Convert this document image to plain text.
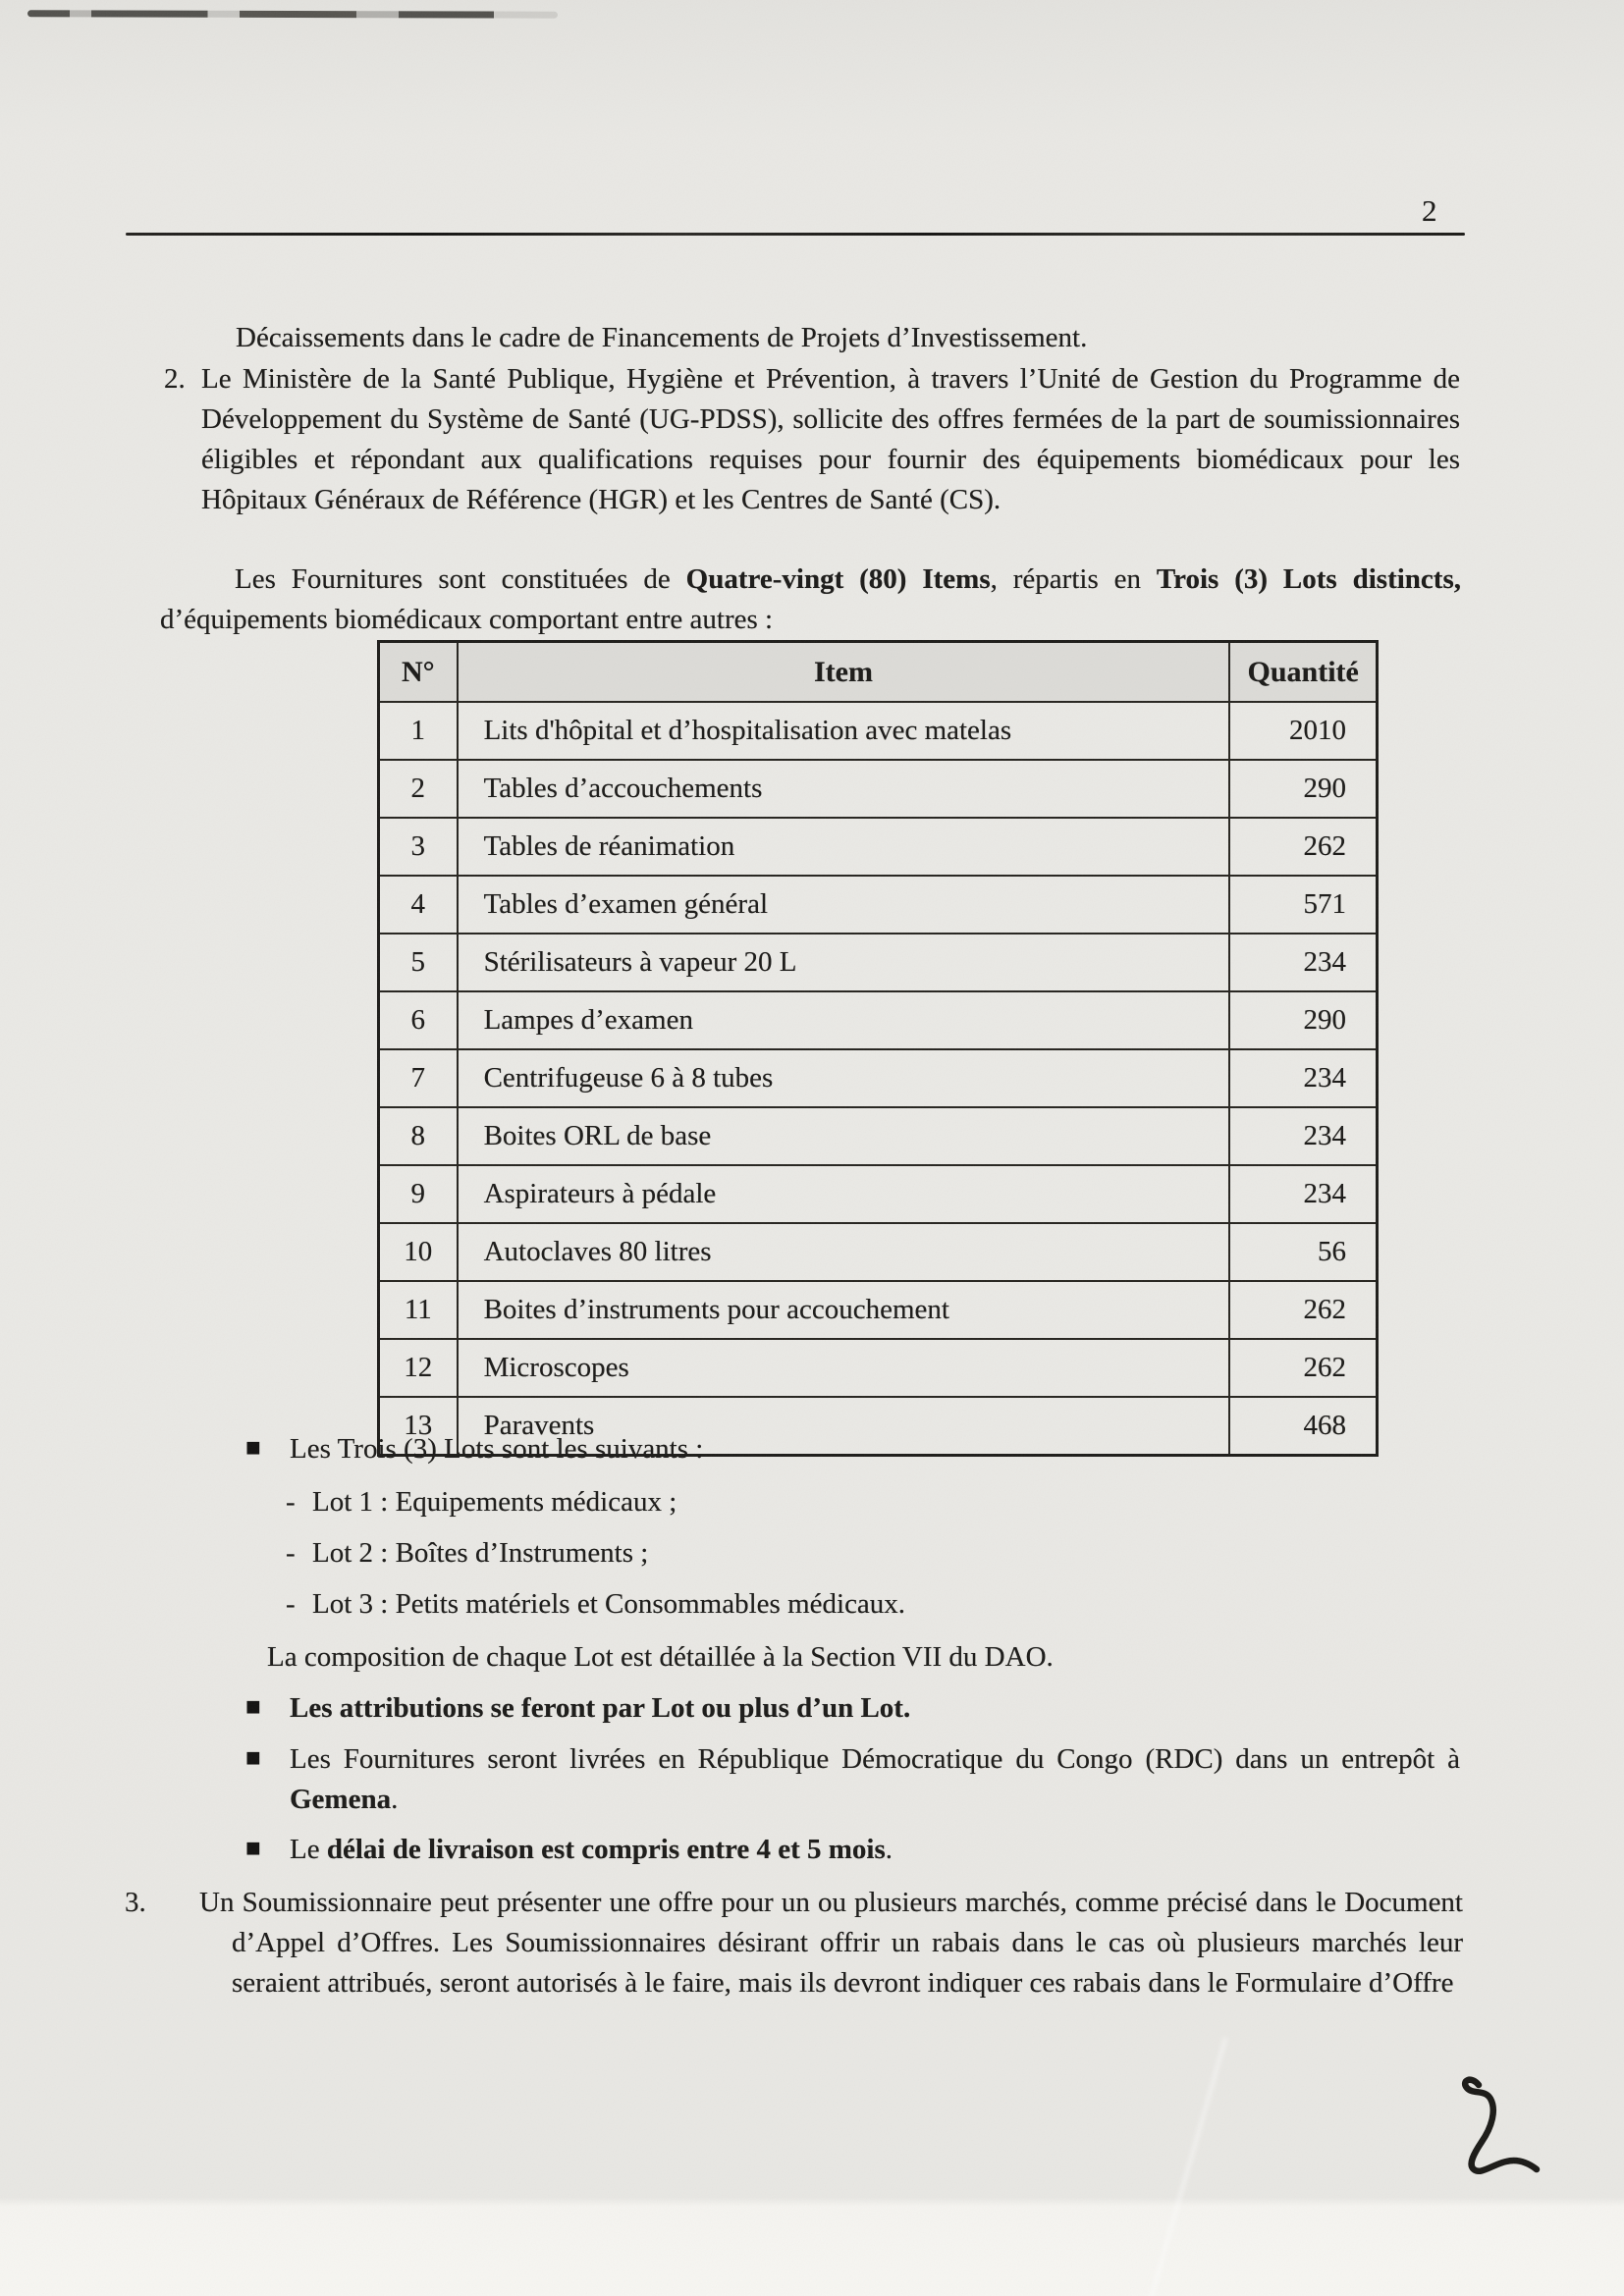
2
Décaissements dans le cadre de Financements de Projets d’Investissement.
2. Le Ministère de la Santé Publique, Hygiène et Prévention, à travers l’Unité de Gestion du Programme de Développement du Système de Santé (UG-PDSS), sollicite des offres fermées de la part de soumissionnaires éligibles et répondant aux qualifications requises pour fournir des équipements biomédicaux pour les Hôpitaux Généraux de Référence (HGR) et les Centres de Santé (CS).
Les Fournitures sont constituées de Quatre-vingt (80) Items, répartis en Trois (3) Lots distincts, d’équipements biomédicaux comportant entre autres :
N°	Item	Quantité
1	Lits d'hôpital et d’hospitalisation avec matelas	2010
2	Tables d’accouchements	290
3	Tables de réanimation	262
4	Tables d’examen général	571
5	Stérilisateurs à vapeur 20 L	234
6	Lampes d’examen	290
7	Centrifugeuse 6 à 8 tubes	234
8	Boites ORL de base	234
9	Aspirateurs à pédale	234
10	Autoclaves 80 litres	56
11	Boites d’instruments pour accouchement	262
12	Microscopes	262
13	Paravents	468
■ Les Trois (3) Lots sont les suivants :
- Lot 1 : Equipements médicaux ;
- Lot 2 : Boîtes d’Instruments ;
- Lot 3 : Petits matériels et Consommables médicaux.
La composition de chaque Lot est détaillée à la Section VII du DAO.
■ Les attributions se feront par Lot ou plus d’un Lot.
■ Les Fournitures seront livrées en République Démocratique du Congo (RDC) dans un entrepôt à Gemena.
■ Le délai de livraison est compris entre 4 et 5 mois.
3.	Un Soumissionnaire peut présenter une offre pour un ou plusieurs marchés, comme précisé dans le Document d’Appel d’Offres. Les Soumissionnaires désirant offrir un rabais dans le cas où plusieurs marchés leur seraient attribués, seront autorisés à le faire, mais ils devront indiquer ces rabais dans le Formulaire d’Offre
